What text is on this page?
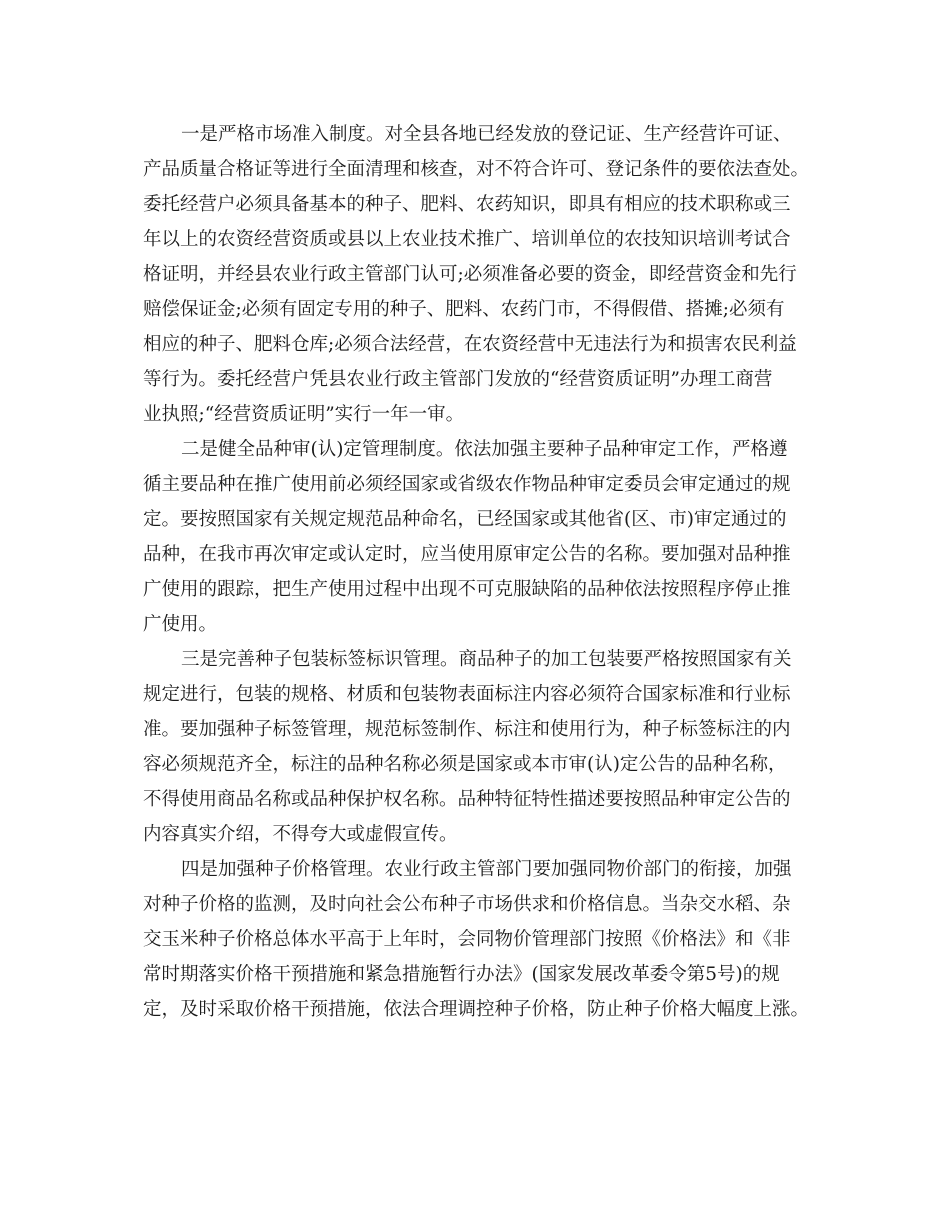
一是严格市场准入制度。对全县各地已经发放的登记证、生产经营许可证、
产品质量合格证等进行全面清理和核查，对不符合许可、登记条件的要依法查处。
委托经营户必须具备基本的种子、肥料、农药知识，即具有相应的技术职称或三
年以上的农资经营资质或县以上农业技术推广、培训单位的农技知识培训考试合
格证明，并经县农业行政主管部门认可;必须准备必要的资金，即经营资金和先行
赔偿保证金;必须有固定专用的种子、肥料、农药门市，不得假借、搭摊;必须有
相应的种子、肥料仓库;必须合法经营，在农资经营中无违法行为和损害农民利益
等行为。委托经营户凭县农业行政主管部门发放的“经营资质证明”办理工商营
业执照;“经营资质证明”实行一年一审。
二是健全品种审(认)定管理制度。依法加强主要种子品种审定工作，严格遵
循主要品种在推广使用前必须经国家或省级农作物品种审定委员会审定通过的规
定。要按照国家有关规定规范品种命名，已经国家或其他省(区、市)审定通过的
品种，在我市再次审定或认定时，应当使用原审定公告的名称。要加强对品种推
广使用的跟踪，把生产使用过程中出现不可克服缺陷的品种依法按照程序停止推
广使用。
三是完善种子包装标签标识管理。商品种子的加工包装要严格按照国家有关
规定进行，包装的规格、材质和包装物表面标注内容必须符合国家标准和行业标
准。要加强种子标签管理，规范标签制作、标注和使用行为，种子标签标注的内
容必须规范齐全，标注的品种名称必须是国家或本市审(认)定公告的品种名称，
不得使用商品名称或品种保护权名称。品种特征特性描述要按照品种审定公告的
内容真实介绍，不得夸大或虚假宣传。
四是加强种子价格管理。农业行政主管部门要加强同物价部门的衔接，加强
对种子价格的监测，及时向社会公布种子市场供求和价格信息。当杂交水稻、杂
交玉米种子价格总体水平高于上年时，会同物价管理部门按照《价格法》和《非
常时期落实价格干预措施和紧急措施暂行办法》(国家发展改革委令第5号)的规
定，及时采取价格干预措施，依法合理调控种子价格，防止种子价格大幅度上涨。
